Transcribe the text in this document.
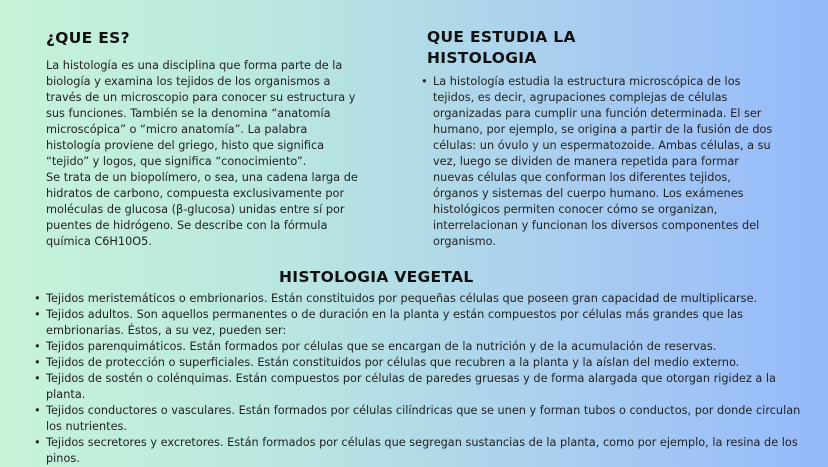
¿QUE ES?

La histología es una disciplina que forma parte de la biología y examina los tejidos de los organismos a través de un microscopio para conocer su estructura y sus funciones. También se la denomina “anatomía microscópica” o “micro anatomía”. La palabra histología proviene del griego, histo que significa “tejido” y logos, que significa “conocimiento”.

Se trata de un biopolímero, o sea, una cadena larga de hidratos de carbono, compuesta exclusivamente por moléculas de glucosa (β-glucosa) unidas entre sí por puentes de hidrógeno. Se describe con la fórmula química C6H10O5.

QUE ESTUDIA LA HISTOLOGIA
• La histología estudia la estructura microscópica de los tejidos, es decir, agrupaciones complejas de células organizadas para cumplir una función determinada. El ser humano, por ejemplo, se origina a partir de la fusión de dos células: un óvulo y un espermatozoide. Ambas células, a su vez, luego se dividen de manera repetida para formar nuevas células que conforman los diferentes tejidos, órganos y sistemas del cuerpo humano. Los exámenes histológicos permiten conocer cómo se organizan, interrelacionan y funcionan los diversos componentes del organismo.
HISTOLOGIA VEGETAL
• Tejidos meristemáticos o embrionarios. Están constituidos por pequeñas células que poseen gran capacidad de multiplicarse.
• Tejidos adultos. Son aquellos permanentes o de duración en la planta y están compuestos por células más grandes que las embrionarias. Éstos, a su vez, pueden ser:
• Tejidos parenquimáticos. Están formados por células que se encargan de la nutrición y de la acumulación de reservas.
• Tejidos de protección o superficiales. Están constituidos por células que recubren a la planta y la aíslan del medio externo.
• Tejidos de sostén o colénquimas. Están compuestos por células de paredes gruesas y de forma alargada que otorgan rigidez a la planta.
• Tejidos conductores o vasculares. Están formados por células cilíndricas que se unen y forman tubos o conductos, por donde circulan los nutrientes.
• Tejidos secretores y excretores. Están formados por células que segregan sustancias de la planta, como por ejemplo, la resina de los pinos.
